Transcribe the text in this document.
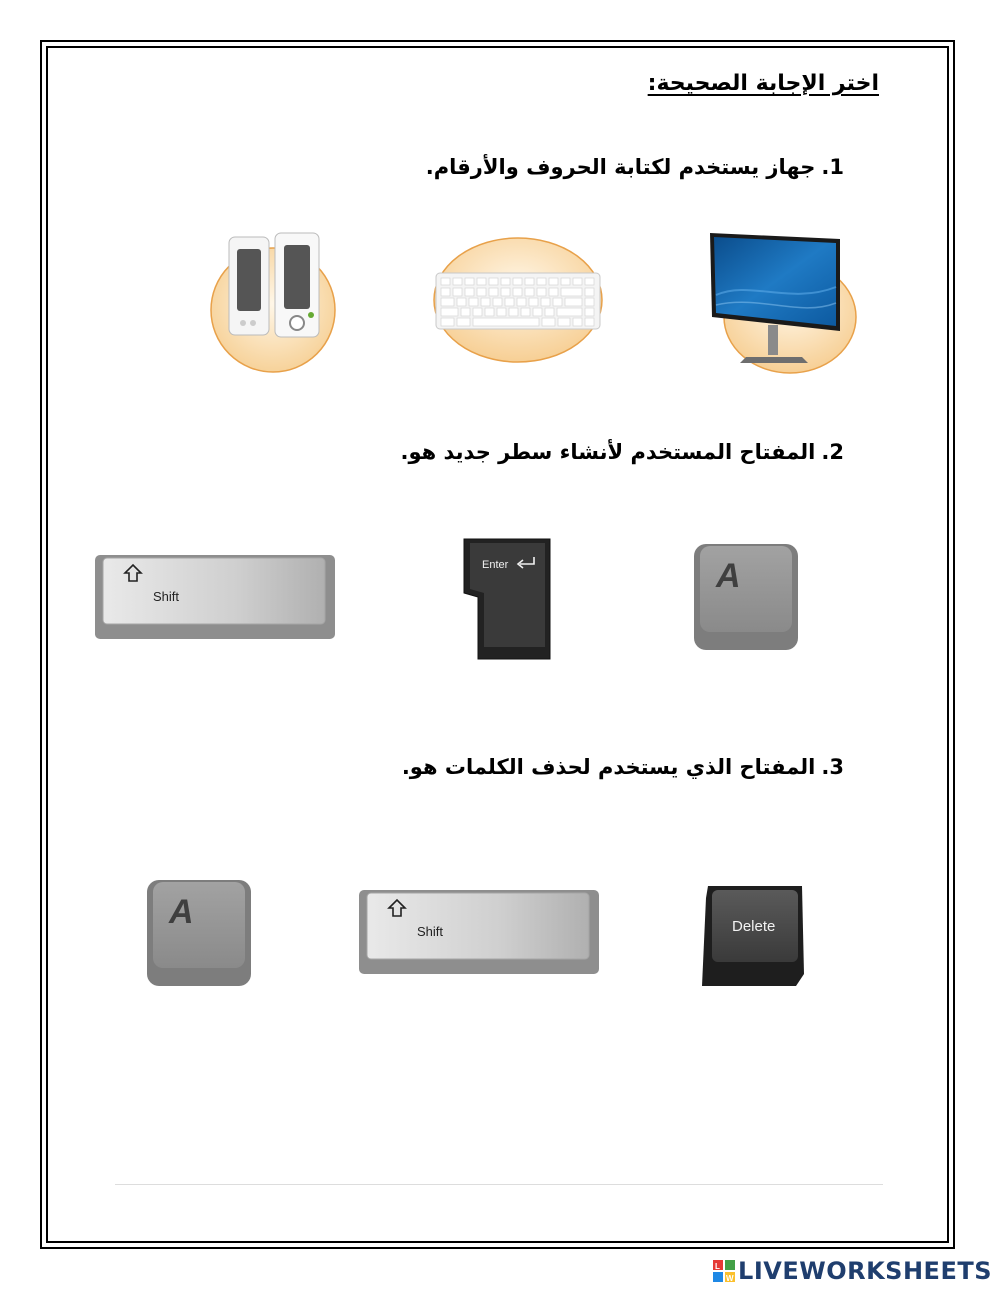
اختر الإجابة الصحيحة:
1.جهاز يستخدم لكتابة الحروف والأرقام.
2.المفتاح المستخدم لأنشاء سطر جديد هو.
3.المفتاح الذي يستخدم لحذف الكلمات هو.
Shift
Enter	A
A
Shift	Delete
L
W LIVEWORKSHEETS
